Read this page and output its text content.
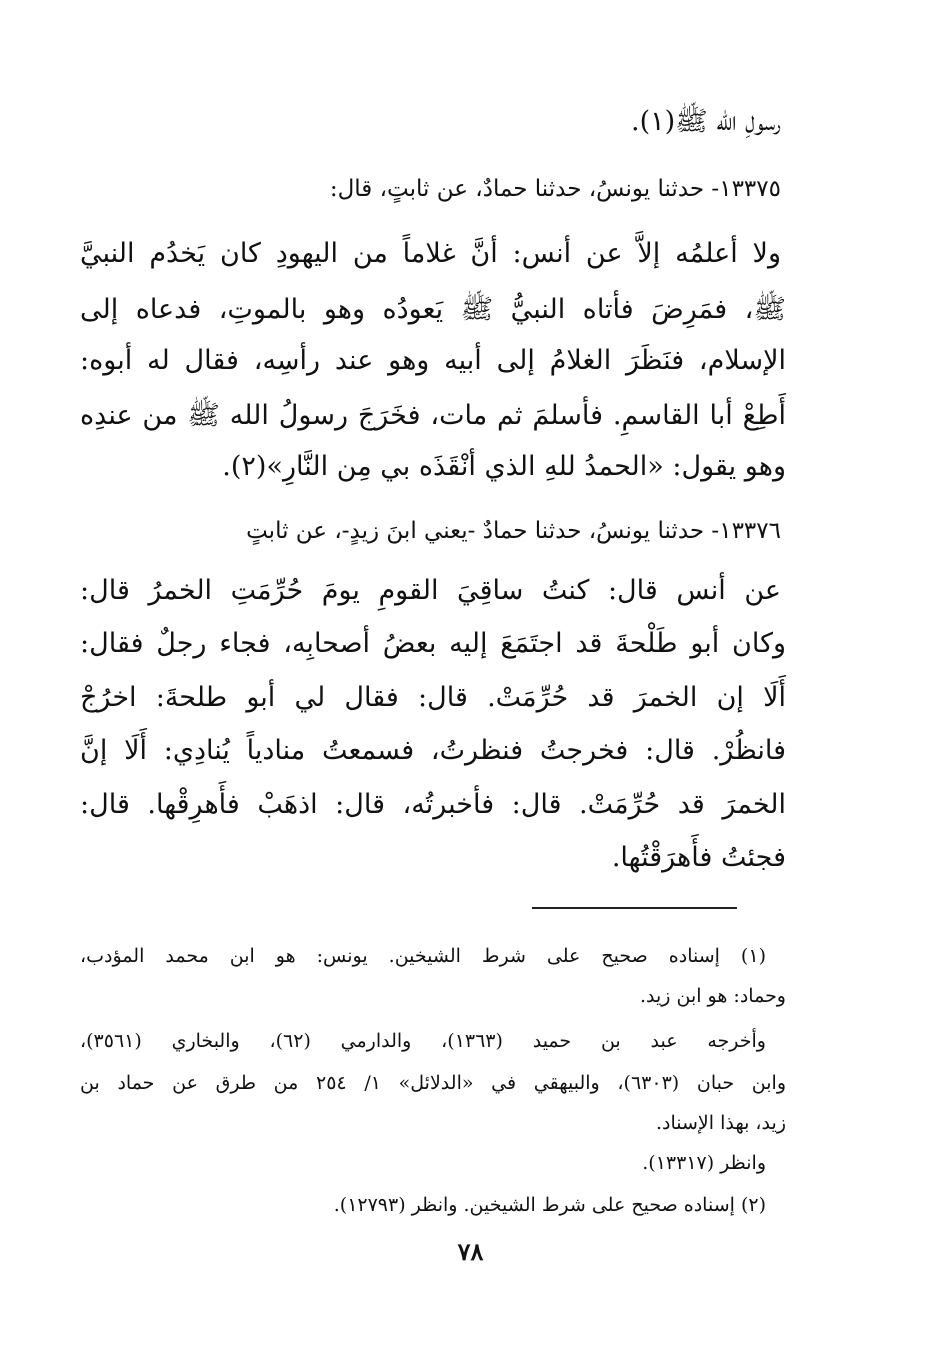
رسولِ الله ﷺ(١).
١٣٣٧٥- حدثنا يونسُ، حدثنا حمادٌ، عن ثابتٍ، قال:
ولا أعلمُه إلاَّ عن أنس: أنَّ غلاماً من اليهودِ كان يَخدُم النبيَّ
ﷺ، فمَرِضَ فأتاه النبيُّ ﷺ يَعودُه وهو بالموتِ، فدعاه إلى
الإسلام، فنَظَرَ الغلامُ إلى أبيه وهو عند رأسِه، فقال له أبوه:
أَطِعْ أبا القاسمِ. فأسلمَ ثم مات، فخَرَجَ رسولُ الله ﷺ من عندِه
وهو يقول: «الحمدُ للهِ الذي أنْقَذَه بي مِن النَّارِ»(٢).
١٣٣٧٦- حدثنا يونسُ، حدثنا حمادٌ -يعني ابنَ زيدٍ-، عن ثابتٍ
عن أنس قال: كنتُ ساقِيَ القومِ يومَ حُرِّمَتِ الخمرُ قال:
وكان أبو طَلْحةَ قد اجتَمَعَ إليه بعضُ أصحابِه، فجاء رجلٌ فقال:
أَلَا إن الخمرَ قد حُرِّمَتْ. قال: فقال لي أبو طلحةَ: اخرُجْ
فانظُرْ. قال: فخرجتُ فنظرتُ، فسمعتُ منادياً يُنادِي: أَلَا إنَّ
الخمرَ قد حُرِّمَتْ. قال: فأخبرتُه، قال: اذهَبْ فأَهرِقْها. قال:
فجئتُ فأَهرَقْتُها.
(١) إسناده صحيح على شرط الشيخين. يونس: هو ابن محمد المؤدب،
وحماد: هو ابن زيد.
وأخرجه عبد بن حميد (١٣٦٣)، والدارمي (٦٢)، والبخاري (٣٥٦١)،
وابن حبان (٦٣٠٣)، والبيهقي في «الدلائل» ١/ ٢٥٤ من طرق عن حماد بن
زيد، بهذا الإسناد.
وانظر (١٣٣١٧).
(٢) إسناده صحيح على شرط الشيخين. وانظر (١٢٧٩٣).
٧٨
